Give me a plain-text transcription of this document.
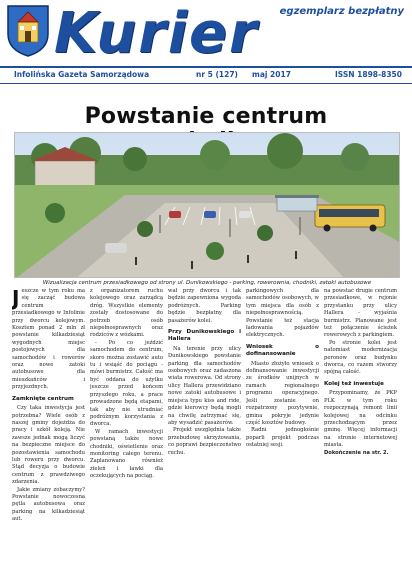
Kurier egzemplarz bezpłatny
Infolińska Gazeta Samorządowa	nr 5 (127) maj 2017	ISSN 1898-8350
Powstanie centrum
Wizualizacja centrum przesiadkowego od strony ul. Dunikowskiego - parking, rowerownia, chodniki, zatoki autobusowe

Jeszcze w tym roku ma się zacząć budowa centrum przesiadkowego w Infolinie przy dworcu kolejowym. Kosztem ponad 2 mln zł powstanie kilkadziesiąt wygodnych miejsc postojowych dla samochodów i rowerów oraz nowe zatoki autobusowe dla mieszkańców i przyjezdnych.

Zamknięte centrum

Czy taka inwestycja jest potrzebna? Wiele osób z naszej gminy dojeżdża do pracy i szkół koleją. Nie zawsze jednak mogą liczyć na bezpieczne miejsce do pozostawienia samochodu lub roweru przy dworcu. Stąd decyzja o budowie centrum z prawdziwego zdarzenia.

Jakie zmiany zobaczymy? Powstanie nowoczesna pętla autobusowa oraz parking na kilkadziesiąt aut.

z organizatorem ruchu kolejowego oraz zarządcą dróg. Wszystkie elementy zostały dostosowane do potrzeb osób niepełnosprawnych oraz rodziców z wózkami.

- Po co jeździć samochodem do centrum, skoro można zostawić auto tu i wsiąść do pociągu - mówi burmistrz. Całość ma być oddana do użytku jeszcze przed końcem przyszłego roku, a prace prowadzone będą etapami, tak aby nie utrudniać podróżnym korzystania z dworca.

W ramach inwestycji powstaną także nowe chodniki, oświetlenie oraz monitoring całego terenu. Zaplanowano również zieleń i ławki dla oczekujących na pociąg.

wał przy dworcu i tak będzie zapewniona wygoda podróżnych. Parking będzie bezpłatny dla pasażerów kolei.

Przy Dunikowskiego i Hallera

Na terenie przy ulicy Dunikowskiego powstanie parking dla samochodów osobowych oraz zadaszona wiata rowerowa. Od strony ulicy Hallera przewidziano nowe zatoki autobusowe i miejsca typu kiss and ride, gdzie kierowcy będą mogli na chwilę zatrzymać się, aby wysadzić pasażerów.

Projekt uwzględnia także przebudowę skrzyżowania, co poprawi bezpieczeństwo ruchu.

parkingowych dla samochodów osobowych, w tym miejsca dla osób z niepełnosprawnością. Powstanie też stacja ładowania pojazdów elektrycznych.

Wniosek o dofinansowanie

Miasto złożyło wniosek o dofinansowanie inwestycji ze środków unijnych w ramach regionalnego programu operacyjnego. Jeśli zostanie on rozpatrzony pozytywnie, gmina pokryje jedynie część kosztów budowy.

Radni jednogłośnie poparli projekt podczas ostatniej sesji.

na powstać drugie centrum przesiadkowe, w rejonie przystanku przy ulicy Hallera - wyjaśnia burmistrz. Planowane jest też połączenie ścieżek rowerowych z parkingiem.

Po stronie kolei jest natomiast modernizacja peronów oraz budynku dworca, co razem stworzy spójną całość.

Kolej też inwestuje

Przypominamy, że PKP PLK w tym roku rozpoczynają remont linii kolejowej na odcinku przechodzącym przez gminę. Więcej informacji na stronie internetowej miasta.

Dokończenie na str. 2.
